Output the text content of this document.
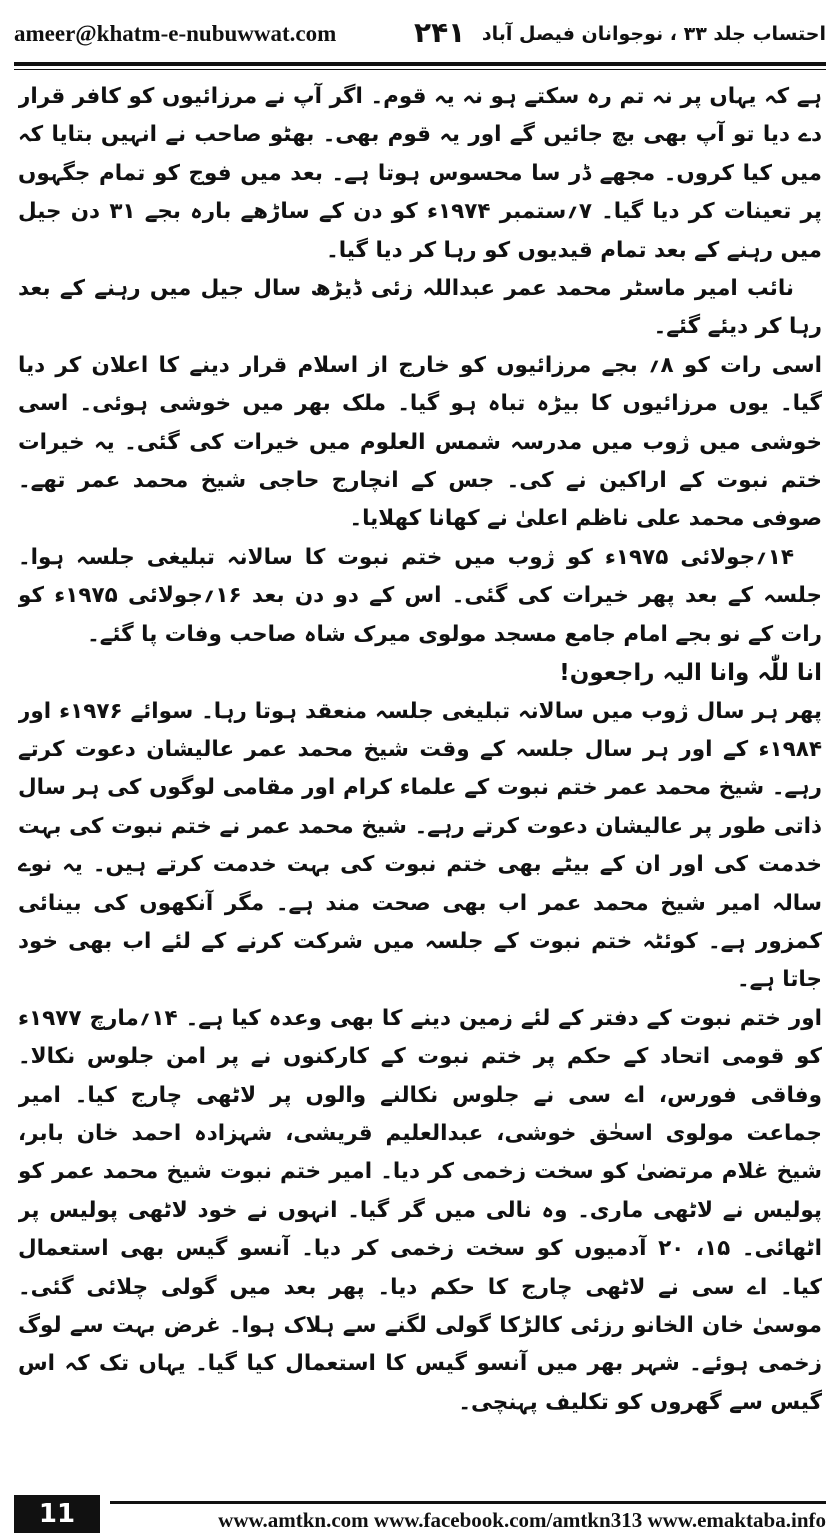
ameer@khatm-e-nubuwwat.com	۲۴۱ احتساب جلد ۳۳ ، نوجوانان فیصل آباد

ہے کہ یہاں پر نہ تم رہ سکتے ہو نہ یہ قوم۔ اگر آپ نے مرزائیوں کو کافر قرار دے دیا تو آپ بھی بچ جائیں گے اور یہ قوم بھی۔ بھٹو صاحب نے انہیں بتایا کہ میں کیا کروں۔ مجھے ڈر سا محسوس ہوتا ہے۔ بعد میں فوج کو تمام جگہوں پر تعینات کر دیا گیا۔ ۷؍ستمبر ۱۹۷۴ء کو دن کے ساڑھے بارہ بجے ۳۱ دن جیل میں رہنے کے بعد تمام قیدیوں کو رہا کر دیا گیا۔

نائب امیر ماسٹر محمد عمر عبداللہ زئی ڈیڑھ سال جیل میں رہنے کے بعد رہا کر دیئے گئے۔

اسی رات کو ۸؍ بجے مرزائیوں کو خارج از اسلام قرار دینے کا اعلان کر دیا گیا۔ یوں مرزائیوں کا بیڑہ تباہ ہو گیا۔ ملک بھر میں خوشی ہوئی۔ اسی خوشی میں ژوب میں مدرسہ شمس العلوم میں خیرات کی گئی۔ یہ خیرات ختم نبوت کے اراکین نے کی۔ جس کے انچارج حاجی شیخ محمد عمر تھے۔ صوفی محمد علی ناظم اعلیٰ نے کھانا کھلایا۔

۱۴؍جولائی ۱۹۷۵ء کو ژوب میں ختم نبوت کا سالانہ تبلیغی جلسہ ہوا۔ جلسہ کے بعد پھر خیرات کی گئی۔ اس کے دو دن بعد ۱۶؍جولائی ۱۹۷۵ء کو رات کے نو بجے امام جامع مسجد مولوی میرک شاہ صاحب وفات پا گئے۔

انا للّٰہ وانا الیہ راجعون!

پھر ہر سال ژوب میں سالانہ تبلیغی جلسہ منعقد ہوتا رہا۔ سوائے ۱۹۷۶ء اور ۱۹۸۴ء کے اور ہر سال جلسہ کے وقت شیخ محمد عمر عالیشان دعوت کرتے رہے۔ شیخ محمد عمر ختم نبوت کے علماء کرام اور مقامی لوگوں کی ہر سال ذاتی طور پر عالیشان دعوت کرتے رہے۔ شیخ محمد عمر نے ختم نبوت کی بہت خدمت کی اور ان کے بیٹے بھی ختم نبوت کی بہت خدمت کرتے ہیں۔ یہ نوے سالہ امیر شیخ محمد عمر اب بھی صحت مند ہے۔ مگر آنکھوں کی بینائی کمزور ہے۔ کوئٹہ ختم نبوت کے جلسہ میں شرکت کرنے کے لئے اب بھی خود جاتا ہے۔

اور ختم نبوت کے دفتر کے لئے زمین دینے کا بھی وعدہ کیا ہے۔ ۱۴؍مارچ ۱۹۷۷ء کو قومی اتحاد کے حکم پر ختم نبوت کے کارکنوں نے پر امن جلوس نکالا۔ وفاقی فورس، اے سی نے جلوس نکالنے والوں پر لاٹھی چارج کیا۔ امیر جماعت مولوی اسحٰق خوشی، عبدالعلیم قریشی، شہزادہ احمد خان بابر، شیخ غلام مرتضیٰ کو سخت زخمی کر دیا۔ امیر ختم نبوت شیخ محمد عمر کو پولیس نے لاٹھی ماری۔ وہ نالی میں گر گیا۔ انہوں نے خود لاٹھی پولیس پر اٹھائی۔ ۱۵، ۲۰ آدمیوں کو سخت زخمی کر دیا۔ آنسو گیس بھی استعمال کیا۔ اے سی نے لاٹھی چارج کا حکم دیا۔ پھر بعد میں گولی چلائی گئی۔ موسیٰ خان الخانو رزئی کالڑکا گولی لگنے سے ہلاک ہوا۔ غرض بہت سے لوگ زخمی ہوئے۔ شہر بھر میں آنسو گیس کا استعمال کیا گیا۔ یہاں تک کہ اس گیس سے گھروں کو تکلیف پہنچی۔

11	www.amtkn.com www.facebook.com/amtkn313 www.emaktaba.info
